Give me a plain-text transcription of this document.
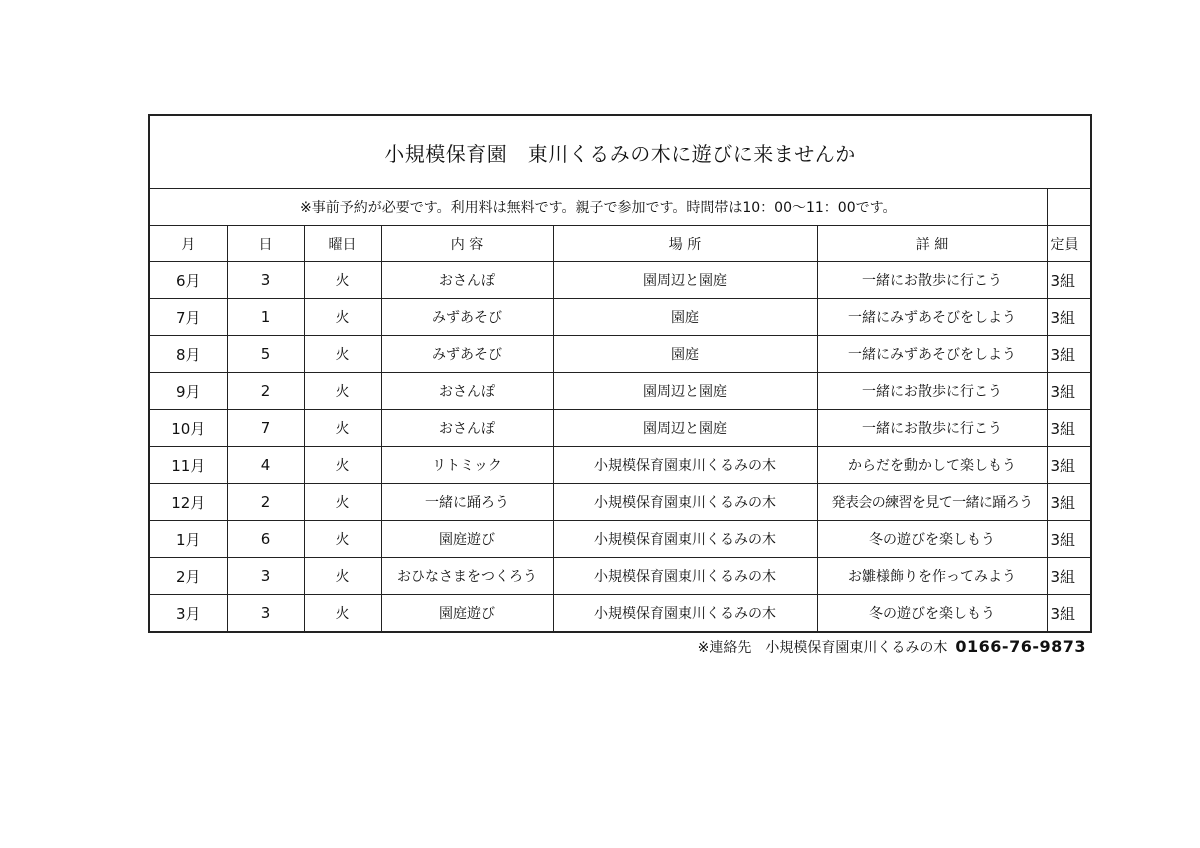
小規模保育園　東川くるみの木に遊びに来ませんか						
※事前予約が必要です。利用料は無料です。親子で参加です。時間帯は10：00～11：00です。						
月	日	曜日	内 容	場 所	詳 細	定員
6月	3	火	おさんぽ	園周辺と園庭	一緒にお散歩に行こう	3組
7月	1	火	みずあそび	園庭	一緒にみずあそびをしよう	3組
8月	5	火	みずあそび	園庭	一緒にみずあそびをしよう	3組
9月	2	火	おさんぽ	園周辺と園庭	一緒にお散歩に行こう	3組
10月	7	火	おさんぽ	園周辺と園庭	一緒にお散歩に行こう	3組
11月	4	火	リトミック	小規模保育園東川くるみの木	からだを動かして楽しもう	3組
12月	2	火	一緒に踊ろう	小規模保育園東川くるみの木	発表会の練習を見て一緒に踊ろう	3組
1月	6	火	園庭遊び	小規模保育園東川くるみの木	冬の遊びを楽しもう	3組
2月	3	火	おひなさまをつくろう	小規模保育園東川くるみの木	お雛様飾りを作ってみよう	3組
3月	3	火	園庭遊び	小規模保育園東川くるみの木	冬の遊びを楽しもう	3組
※連絡先　小規模保育園東川くるみの木 0166-76-9873
